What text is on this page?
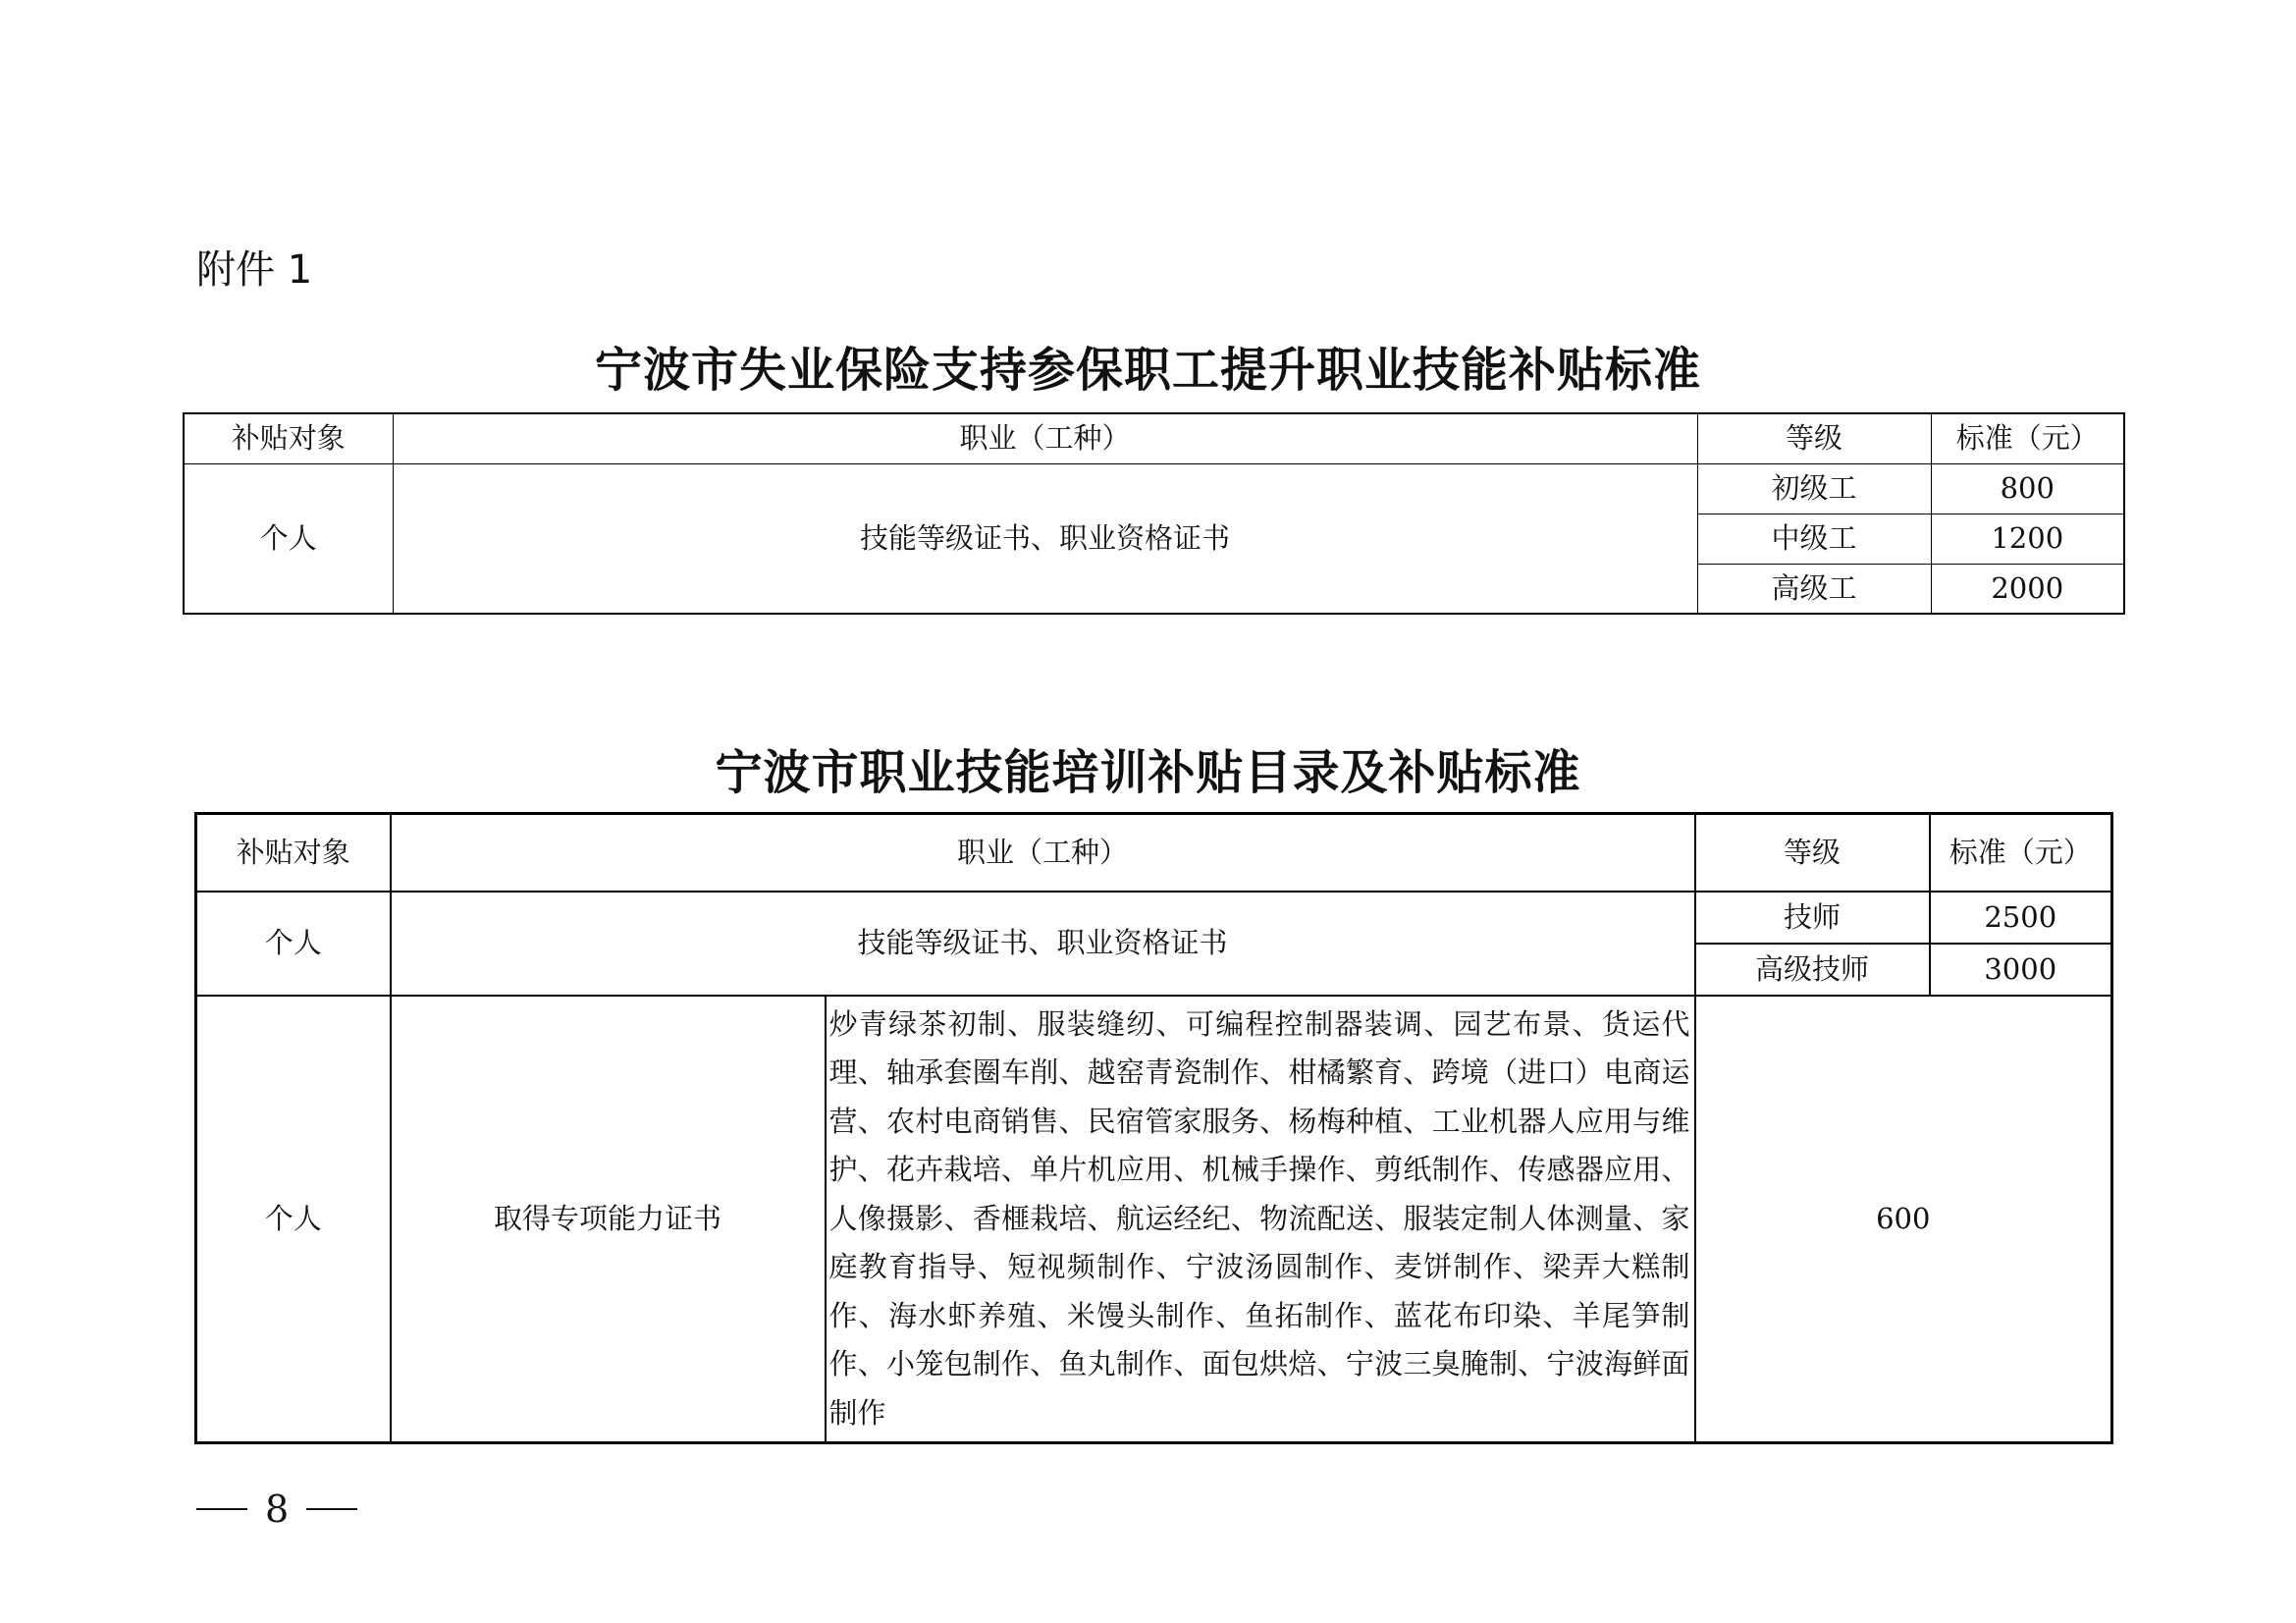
附件 1
宁波市失业保险支持参保职工提升职业技能补贴标准
补贴对象	职业（工种）	等级	标准（元）
个人	技能等级证书、职业资格证书	初级工	800
		中级工	1200
		高级工	2000
宁波市职业技能培训补贴目录及补贴标准
补贴对象	职业（工种）		等级	标准（元）
个人	技能等级证书、职业资格证书		技师	2500
			高级技师	3000
个人	取得专项能力证书	炒青绿茶初制、服装缝纫、可编程控制器装调、园艺布景、货运代理、轴承套圈车削、越窑青瓷制作、柑橘繁育、跨境（进口）电商运营、农村电商销售、民宿管家服务、杨梅种植、工业机器人应用与维护、花卉栽培、单片机应用、机械手操作、剪纸制作、传感器应用、人像摄影、香榧栽培、航运经纪、物流配送、服装定制人体测量、家庭教育指导、短视频制作、宁波汤圆制作、麦饼制作、梁弄大糕制作、海水虾养殖、米馒头制作、鱼拓制作、蓝花布印染、羊尾笋制作、小笼包制作、鱼丸制作、面包烘焙、宁波三臭腌制、宁波海鲜面制作	600	
8
